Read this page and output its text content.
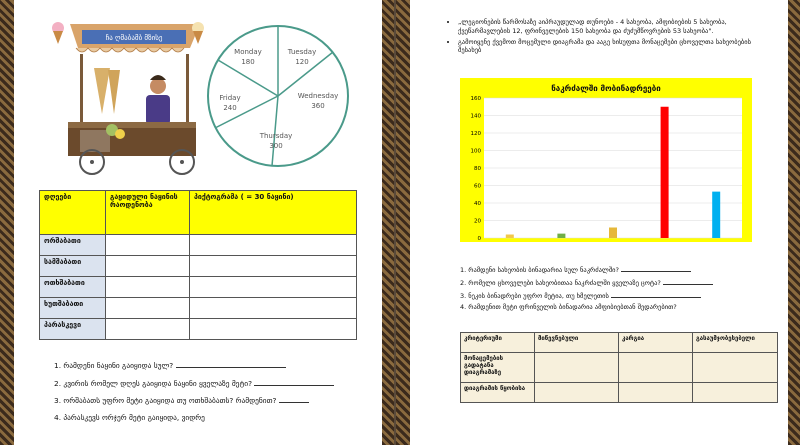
ჩა ღმაბამბ მზისე
Monday
180
Tuesday
120
Wednesday
360
Thursday
300
Friday
240
დღეები	გაყიდული ნაყინის რაოდენობა	პიქტოგრამა ( = 30 ნაყინი)
ორშაბათი		
სამშაბათი		
ოთხშაბათი		
ხუთშაბათი		
პარასკევი		
1. რამდენი ნაყინი გაიყიდა სულ?
2. კვირის რომელ დღეს გაიყიდა ნაყინი ყველაზე მეტი?
3. ორშაბათს უფრო მეტი გაიყიდა თუ ოთხშაბათს? რამდენით?
4. პარასკევს ორჯერ მეტი გაიყიდა, ვიდრე
• „ლეგიონების წარმოსაზე აიპრაუდულად თუნოები - 4 სახეობა, ამფიბიების 5 სახეობა, ქვეწარმავლების 12, ფრინველების 150 სახეობა და ძუძუმწოვრების 53 სახეობა".
• გამოიყენე ქვემოთ მოცემული დიაგრამა და ააგე ხისუფთა მონაცემები ცხოველთა სახეობების შესახებ
ნაკრძალში მობინადრეები
0
20
40
60
80
100
120
140
160
1. რამდენი სახეობის ბინადარია სულ ნაკრძალში?
2. რომელი ცხოველები სახეობითაა ნაკრძალში ყველაზე ცოტა?
3. ნეკის ბინადრები უფრო მეტია, თუ ხმელეთის
4. რამდენით მეტი ფრინველის ბინადარია ამფიბიებთან შედარებით?
კრიტერიუმი	მიწევნებული	კარგია	გასაუმჯობესებელი
მონაცემების გადატანა დიაგრამაზე			
დიაგრამის წყობისა			
